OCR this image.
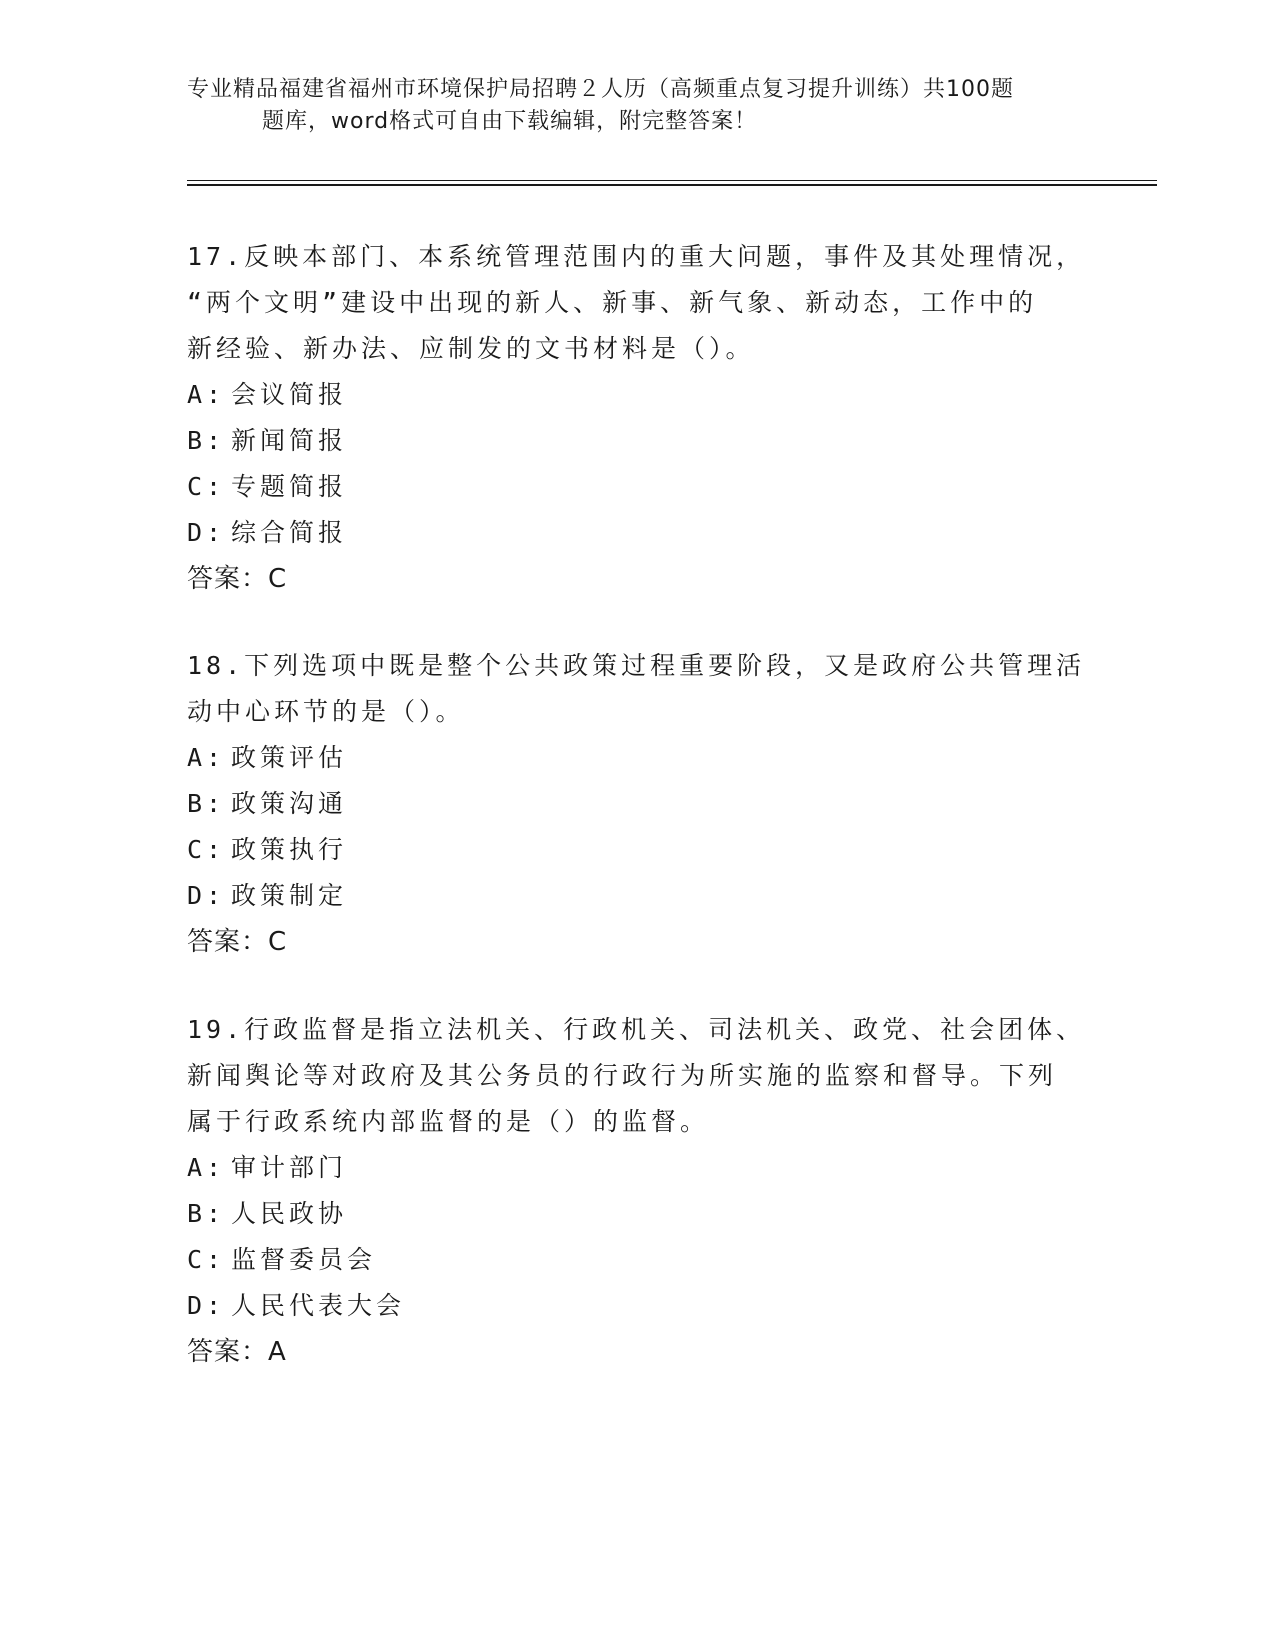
专业精品福建省福州市环境保护局招聘２人历（高频重点复习提升训练）共100题
题库，word格式可自由下载编辑，附完整答案！

17.反映本部门、本系统管理范围内的重大问题，事件及其处理情况，

“两个文明”建设中出现的新人、新事、新气象、新动态，工作中的

新经验、新办法、应制发的文书材料是（）。

A: 会议简报

B: 新闻简报

C: 专题简报

D: 综合简报

答案：C

18.下列选项中既是整个公共政策过程重要阶段，又是政府公共管理活

动中心环节的是（）。

A: 政策评估

B: 政策沟通

C: 政策执行

D: 政策制定

答案：C

19.行政监督是指立法机关、行政机关、司法机关、政党、社会团体、

新闻舆论等对政府及其公务员的行政行为所实施的监察和督导。下列

属于行政系统内部监督的是（）的监督。

A: 审计部门

B: 人民政协

C: 监督委员会

D: 人民代表大会

答案：A
